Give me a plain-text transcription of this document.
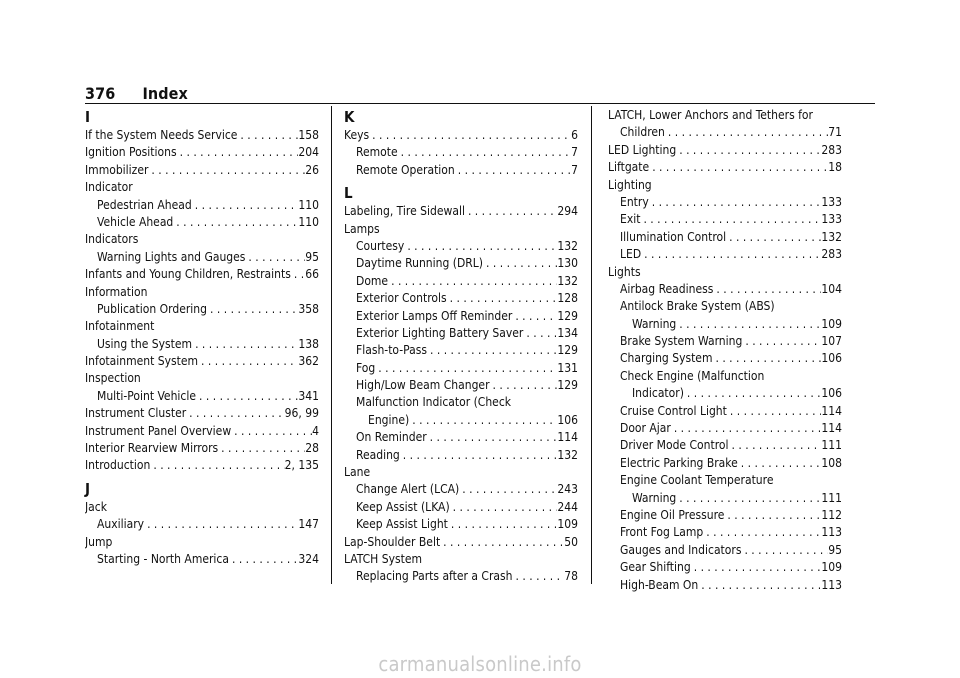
376 Index
I
If the System Needs Service . . .	158
Ignition Positions . . .	204
Immobilizer . . .	26
Indicator
Pedestrian Ahead . . .	110
Vehicle Ahead . . .	110
Indicators
Warning Lights and Gauges . . .	95
Infants and Young Children, Restraints . . . 66
Information
Publication Ordering . . .	358
Infotainment
Using the System . . .	138
Infotainment System . . .	362
Inspection
Multi-Point Vehicle . . .	341
Instrument Cluster . . .	96, 99
Instrument Panel Overview . . .	4
Interior Rearview Mirrors . . .	28
Introduction . . .	2, 135
J
Jack
Auxiliary . . .	147
Jump
Starting - North America . . .	324
K
Keys . . .	6
Remote . . .	7
Remote Operation . . .	7
L
Labeling, Tire Sidewall . . .	294
Lamps
Courtesy . . .	132
Daytime Running (DRL) . . .	130
Dome . . .	132
Exterior Controls . . .	128
Exterior Lamps Off Reminder . . .	129
Exterior Lighting Battery Saver . . .	134
Flash-to-Pass . . .	129
Fog . . .	131
High/Low Beam Changer . . .	129
Malfunction Indicator (Check
Engine) . . .	106
On Reminder . . .	114
Reading . . .	132
Lane
Change Alert (LCA) . . .	243
Keep Assist (LKA) . . .	244
Keep Assist Light . . .	109
Lap-Shoulder Belt . . .	50
LATCH System
Replacing Parts after a Crash . . .	78
LATCH, Lower Anchors and Tethers for
Children . . .	71
LED Lighting . . .	283
Liftgate . . .	18
Lighting
Entry . . .	133
Exit . . .	133
Illumination Control . . .	132
LED . . .	283
Lights
Airbag Readiness . . .	104
Antilock Brake System (ABS)
Warning . . .	109
Brake System Warning . . .	107
Charging System . . .	106
Check Engine (Malfunction
Indicator) . . .	106
Cruise Control Light . . .	114
Door Ajar . . .	114
Driver Mode Control . . .	111
Electric Parking Brake . . .	108
Engine Coolant Temperature
Warning . . .	111
Engine Oil Pressure . . .	112
Front Fog Lamp . . .	113
Gauges and Indicators . . .	95
Gear Shifting . . .	109
High-Beam On . . .	113
carmanualsonline.info
